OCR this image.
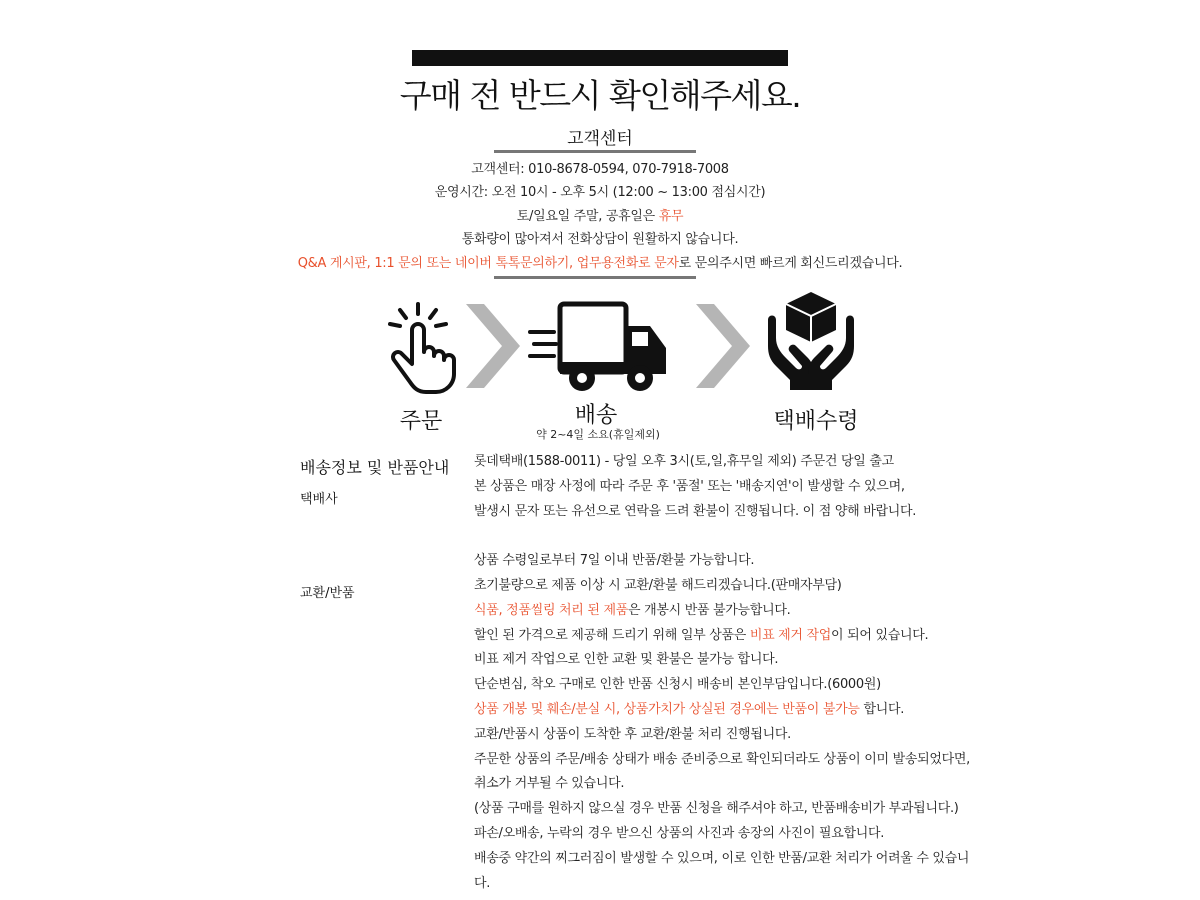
구매 전 반드시 확인해주세요.
고객센터
고객센터: 010-8678-0594, 070-7918-7008
운영시간: 오전 10시 - 오후 5시 (12:00 ~ 13:00 점심시간)
토/일요일 주말, 공휴일은 휴무
통화량이 많아져서 전화상담이 원활하지 않습니다.
Q&A 게시판, 1:1 문의 또는 네이버 톡톡문의하기, 업무용전화로 문자로 문의주시면 빠르게 회신드리겠습니다.
주문	배송
약 2~4일 소요(휴일제외)
택배수령
배송정보 및 반품안내
택배사
교환/반품
롯데택배(1588-0011) - 당일 오후 3시(토,일,휴무일 제외) 주문건 당일 출고
본 상품은 매장 사정에 따라 주문 후 '품절' 또는 '배송지연'이 발생할 수 있으며,
발생시 문자 또는 유선으로 연락을 드려 환불이 진행됩니다. 이 점 양해 바랍니다.
상품 수령일로부터 7일 이내 반품/환불 가능합니다.
초기불량으로 제품 이상 시 교환/환불 해드리겠습니다.(판매자부담)
식품, 정품씰링 처리 된 제품은 개봉시 반품 불가능합니다.
할인 된 가격으로 제공해 드리기 위해 일부 상품은 비표 제거 작업이 되어 있습니다.
비표 제거 작업으로 인한 교환 및 환불은 불가능 합니다.
단순변심, 착오 구매로 인한 반품 신청시 배송비 본인부담입니다.(6000원)
상품 개봉 및 훼손/분실 시, 상품가치가 상실된 경우에는 반품이 불가능 합니다.
교환/반품시 상품이 도착한 후 교환/환불 처리 진행됩니다.
주문한 상품의 주문/배송 상태가 배송 준비중으로 확인되더라도 상품이 이미 발송되었다면,
취소가 거부될 수 있습니다.
(상품 구매를 원하지 않으실 경우 반품 신청을 해주셔야 하고, 반품배송비가 부과됩니다.)
파손/오배송, 누락의 경우 받으신 상품의 사진과 송장의 사진이 필요합니다.
배송중 약간의 찌그러짐이 발생할 수 있으며, 이로 인한 반품/교환 처리가 어려울 수 있습니
다.
